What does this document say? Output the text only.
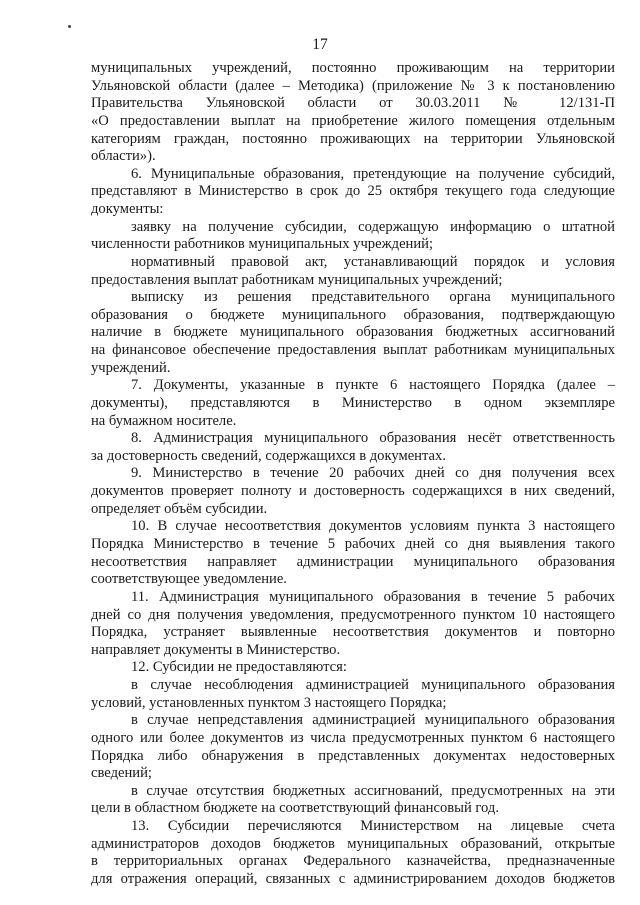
17
муниципальных учреждений, постоянно проживающим на территории
Ульяновской области (далее – Методика) (приложение № 3 к постановлению
Правительства Ульяновской области от 30.03.2011 № 12/131-П
«О предоставлении выплат на приобретение жилого помещения отдельным
категориям граждан, постоянно проживающих на территории Ульяновской
области»).
6. Муниципальные образования, претендующие на получение субсидий,
представляют в Министерство в срок до 25 октября текущего года следующие
документы:
заявку на получение субсидии, содержащую информацию о штатной
численности работников муниципальных учреждений;
нормативный правовой акт, устанавливающий порядок и условия
предоставления выплат работникам муниципальных учреждений;
выписку из решения представительного органа муниципального
образования о бюджете муниципального образования, подтверждающую
наличие в бюджете муниципального образования бюджетных ассигнований
на финансовое обеспечение предоставления выплат работникам муниципальных
учреждений.
7. Документы, указанные в пункте 6 настоящего Порядка (далее –
документы), представляются в Министерство в одном экземпляре
на бумажном носителе.
8. Администрация муниципального образования несёт ответственность
за достоверность сведений, содержащихся в документах.
9. Министерство в течение 20 рабочих дней со дня получения всех
документов проверяет полноту и достоверность содержащихся в них сведений,
определяет объём субсидии.
10. В случае несоответствия документов условиям пункта 3 настоящего
Порядка Министерство в течение 5 рабочих дней со дня выявления такого
несоответствия направляет администрации муниципального образования
соответствующее уведомление.
11. Администрация муниципального образования в течение 5 рабочих
дней со дня получения уведомления, предусмотренного пунктом 10 настоящего
Порядка, устраняет выявленные несоответствия документов и повторно
направляет документы в Министерство.
12. Субсидии не предоставляются:
в случае несоблюдения администрацией муниципального образования
условий, установленных пунктом 3 настоящего Порядка;
в случае непредставления администрацией муниципального образования
одного или более документов из числа предусмотренных пунктом 6 настоящего
Порядка либо обнаружения в представленных документах недостоверных
сведений;
в случае отсутствия бюджетных ассигнований, предусмотренных на эти
цели в областном бюджете на соответствующий финансовый год.
13. Субсидии перечисляются Министерством на лицевые счета
администраторов доходов бюджетов муниципальных образований, открытые
в территориальных органах Федерального казначейства, предназначенные
для отражения операций, связанных с администрированием доходов бюджетов
